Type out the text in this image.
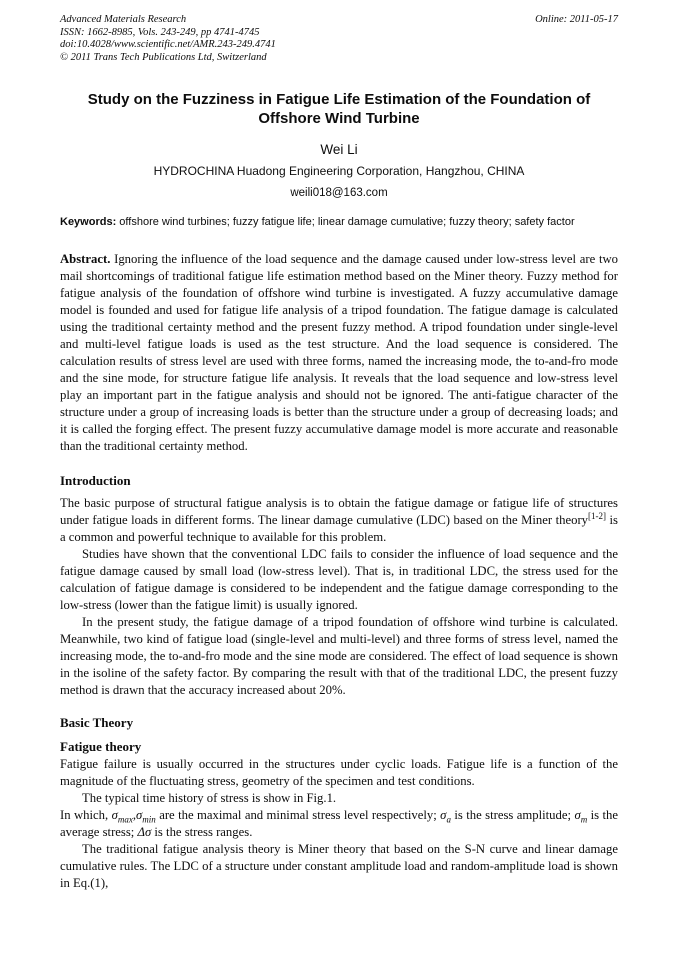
Advanced Materials Research
ISSN: 1662-8985, Vols. 243-249, pp 4741-4745
doi:10.4028/www.scientific.net/AMR.243-249.4741
© 2011 Trans Tech Publications Ltd, Switzerland
Online: 2011-05-17
Study on the Fuzziness in Fatigue Life Estimation of the Foundation of Offshore Wind Turbine
Wei Li
HYDROCHINA Huadong Engineering Corporation, Hangzhou, CHINA
weili018@163.com

Keywords: offshore wind turbines; fuzzy fatigue life; linear damage cumulative; fuzzy theory; safety factor

Abstract. Ignoring the influence of the load sequence and the damage caused under low-stress level are two mail shortcomings of traditional fatigue life estimation method based on the Miner theory. Fuzzy method for fatigue analysis of the foundation of offshore wind turbine is investigated. A fuzzy accumulative damage model is founded and used for fatigue life analysis of a tripod foundation. The fatigue damage is calculated using the traditional certainty method and the present fuzzy method. A tripod foundation under single-level and multi-level fatigue loads is used as the test structure. And the load sequence is considered. The calculation results of stress level are used with three forms, named the increasing mode, the to-and-fro mode and the sine mode, for structure fatigue life analysis. It reveals that the load sequence and low-stress level play an important part in the fatigue analysis and should not be ignored. The anti-fatigue character of the structure under a group of increasing loads is better than the structure under a group of decreasing loads; and it is called the forging effect. The present fuzzy accumulative damage model is more accurate and reasonable than the traditional certainty method.

Introduction

The basic purpose of structural fatigue analysis is to obtain the fatigue damage or fatigue life of structures under fatigue loads in different forms. The linear damage cumulative (LDC) based on the Miner theory[1-2] is a common and powerful technique to available for this problem.

Studies have shown that the conventional LDC fails to consider the influence of load sequence and the fatigue damage caused by small load (low-stress level). That is, in traditional LDC, the stress used for the calculation of fatigue damage is considered to be independent and the fatigue damage corresponding to the low-stress (lower than the fatigue limit) is usually ignored.

In the present study, the fatigue damage of a tripod foundation of offshore wind turbine is calculated. Meanwhile, two kind of fatigue load (single-level and multi-level) and three forms of stress level, named the increasing mode, the to-and-fro mode and the sine mode are considered. The effect of load sequence is shown in the isoline of the safety factor. By comparing the result with that of the traditional LDC, the present fuzzy method is drawn that the accuracy increased about 20%.

Basic Theory
Fatigue theory

Fatigue failure is usually occurred in the structures under cyclic loads. Fatigue life is a function of the magnitude of the fluctuating stress, geometry of the specimen and test conditions.

The typical time history of stress is show in Fig.1.

In which, $\sigma_{max},\sigma_{min}$ are the maximal and minimal stress level respectively; $\sigma_a$ is the stress amplitude; $\sigma_m$ is the average stress; Δσ is the stress ranges.

The traditional fatigue analysis theory is Miner theory that based on the S-N curve and linear damage cumulative rules. The LDC of a structure under constant amplitude load and random-amplitude load is shown in Eq.(1),
